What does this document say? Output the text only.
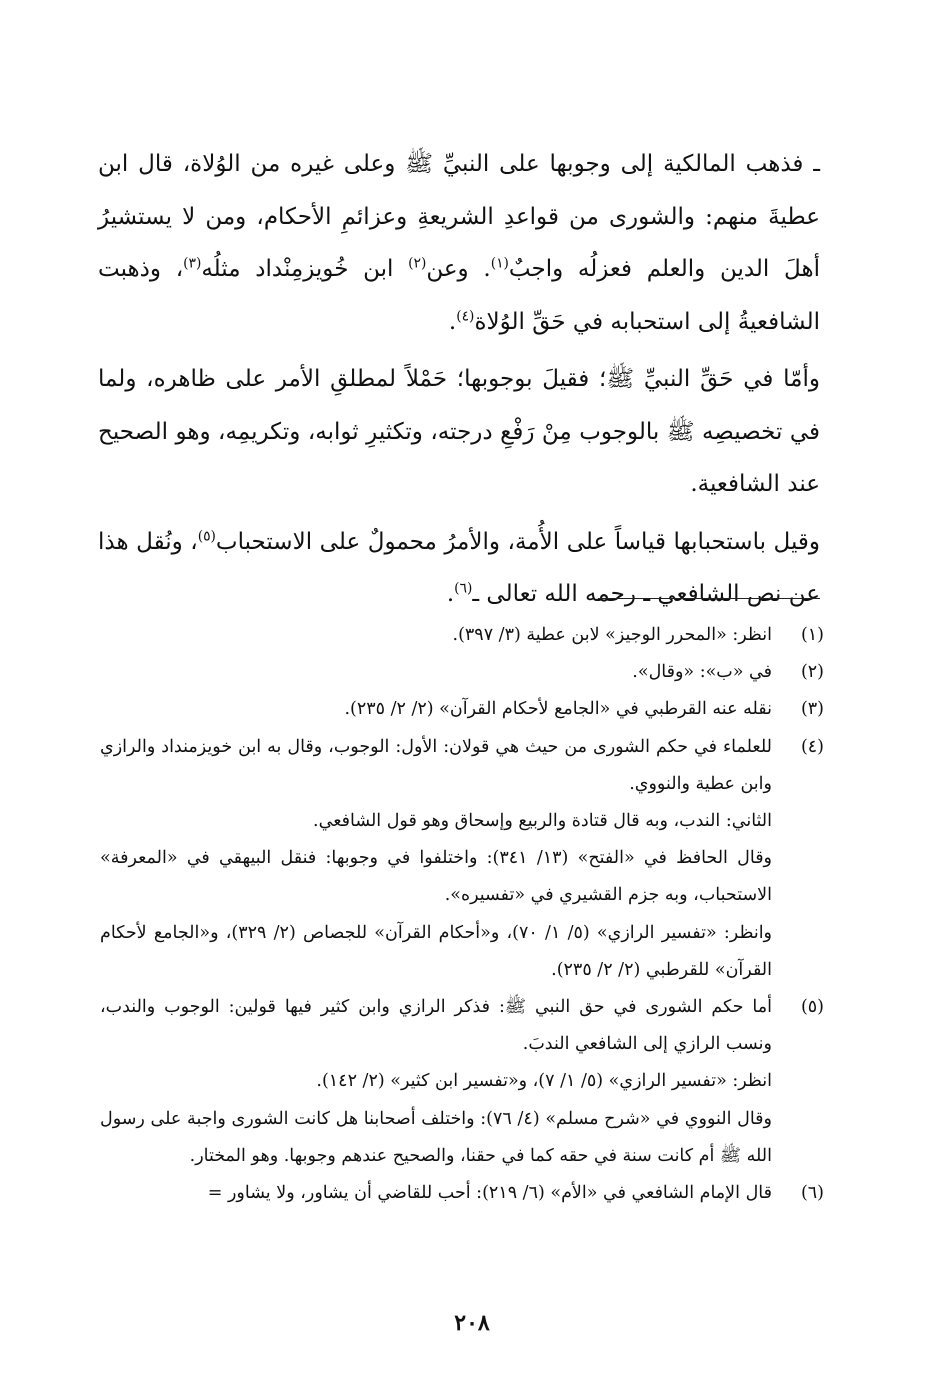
ـ فذهب المالكية إلى وجوبها على النبيِّ ﷺ وعلى غيره من الوُلاة، قال ابن عطيةَ منهم: والشورى من قواعدِ الشريعةِ وعزائمِ الأحكام، ومن لا يستشيرُ أهلَ الدين والعلم فعزلُه واجبٌ$^{(١)}$. وعن$^{(٢)}$ ابن خُويزمِنْداد مثلُه$^{(٣)}$، وذهبت الشافعيةُ إلى استحبابه في حَقِّ الوُلاة$^{(٤)}$.

وأمّا في حَقِّ النبيِّ ﷺ؛ فقيلَ بوجوبها؛ حَمْلاً لمطلقِ الأمر على ظاهره، ولما في تخصيصِه ﷺ بالوجوب مِنْ رَفْعِ درجته، وتكثيرِ ثوابه، وتكريمِه، وهو الصحيح عند الشافعية.

وقيل باستحبابها قياساً على الأُمة، والأمرُ محمولٌ على الاستحباب$^{(٥)}$، ونُقل هذا عن نص الشافعي ـ رحمه الله تعالى ـ$^{(٦)}$.

(١)
انظر: «المحرر الوجيز» لابن عطية (٣/ ٣٩٧).
(٢)
في «ب»: «وقال».
(٣)
نقله عنه القرطبي في «الجامع لأحكام القرآن» (٢/ ٢/ ٢٣٥).
(٤)
للعلماء في حكم الشورى من حيث هي قولان: الأول: الوجوب، وقال به ابن خويزمنداد والرازي وابن عطية والنووي.
الثاني: الندب، وبه قال قتادة والربيع وإسحاق وهو قول الشافعي.
وقال الحافظ في «الفتح» (١٣/ ٣٤١): واختلفوا في وجوبها: فنقل البيهقي في «المعرفة» الاستحباب، وبه جزم القشيري في «تفسيره».
وانظر: «تفسير الرازي» (٥/ ١/ ٧٠)، و«أحكام القرآن» للجصاص (٢/ ٣٢٩)، و«الجامع لأحكام القرآن» للقرطبي (٢/ ٢/ ٢٣٥).
(٥)
أما حكم الشورى في حق النبي ﷺ: فذكر الرازي وابن كثير فيها قولين: الوجوب والندب، ونسب الرازي إلى الشافعي الندبَ.
انظر: «تفسير الرازي» (٥/ ١/ ٧)، و«تفسير ابن كثير» (٢/ ١٤٢).
وقال النووي في «شرح مسلم» (٤/ ٧٦): واختلف أصحابنا هل كانت الشورى واجبة على رسول الله ﷺ أم كانت سنة في حقه كما في حقنا، والصحيح عندهم وجوبها. وهو المختار.
(٦)
قال الإمام الشافعي في «الأم» (٦/ ٢١٩): أحب للقاضي أن يشاور، ولا يشاور =
٢٠٨
